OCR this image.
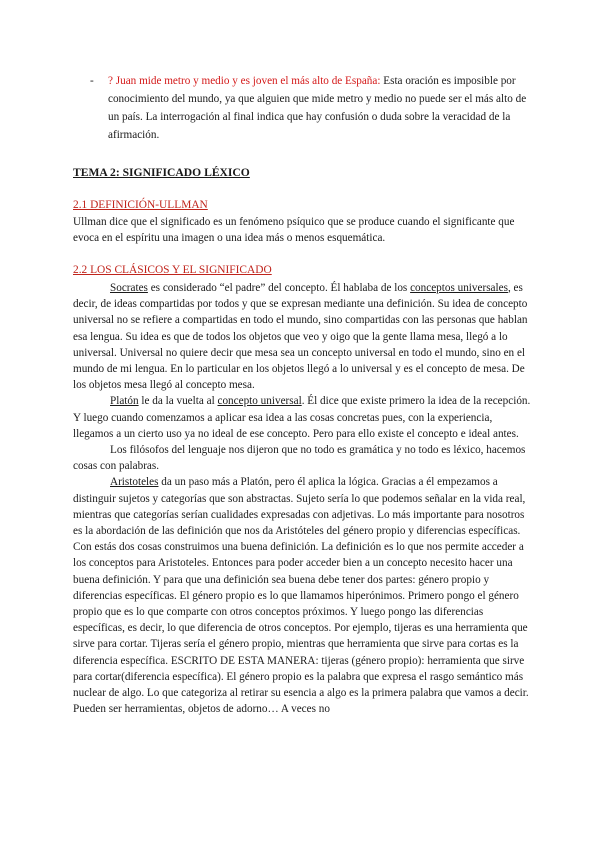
- ? Juan mide metro y medio y es joven el más alto de España: Esta oración es imposible por conocimiento del mundo, ya que alguien que mide metro y medio no puede ser el más alto de un país. La interrogación al final indica que hay confusión o duda sobre la veracidad de la afirmación.
TEMA 2: SIGNIFICADO LÉXICO
2.1 DEFINICIÓN-ULLMAN
Ullman dice que el significado es un fenómeno psíquico que se produce cuando el significante que evoca en el espíritu una imagen o una idea más o menos esquemática.
2.2 LOS CLÁSICOS Y EL SIGNIFICADO
Socrates es considerado “el padre” del concepto. Él hablaba de los conceptos universales, es decir, de ideas compartidas por todos y que se expresan mediante una definición. Su idea de concepto universal no se refiere a compartidas en todo el mundo, sino compartidas con las personas que hablan esa lengua. Su idea es que de todos los objetos que veo y oigo que la gente llama mesa, llegó a lo universal. Universal no quiere decir que mesa sea un concepto universal en todo el mundo, sino en el mundo de mi lengua. En lo particular en los objetos llegó a lo universal y es el concepto de mesa. De los objetos mesa llegó al concepto mesa.
Platón le da la vuelta al concepto universal. Él dice que existe primero la idea de la recepción. Y luego cuando comenzamos a aplicar esa idea a las cosas concretas pues, con la experiencia, llegamos a un cierto uso ya no ideal de ese concepto. Pero para ello existe el concepto e ideal antes.
Los filósofos del lenguaje nos dijeron que no todo es gramática y no todo es léxico, hacemos cosas con palabras.
Aristoteles da un paso más a Platón, pero él aplica la lógica. Gracias a él empezamos a distinguir sujetos y categorías que son abstractas. Sujeto sería lo que podemos señalar en la vida real, mientras que categorías serían cualidades expresadas con adjetivas. Lo más importante para nosotros es la abordación de las definición que nos da Aristóteles del género propio y diferencias específicas. Con estás dos cosas construimos una buena definición. La definición es lo que nos permite acceder a los conceptos para Aristoteles. Entonces para poder acceder bien a un concepto necesito hacer una buena definición. Y para que una definición sea buena debe tener dos partes: género propio y diferencias específicas. El género propio es lo que llamamos hiperónimos. Primero pongo el género propio que es lo que comparte con otros conceptos próximos. Y luego pongo las diferencias específicas, es decir, lo que diferencia de otros conceptos. Por ejemplo, tijeras es una herramienta que sirve para cortar. Tijeras sería el género propio, mientras que herramienta que sirve para cortas es la diferencia específica. ESCRITO DE ESTA MANERA: tijeras (género propio): herramienta que sirve para cortar(diferencia específica). El género propio es la palabra que expresa el rasgo semántico más nuclear de algo. Lo que categoriza al retirar su esencia a algo es la primera palabra que vamos a decir. Pueden ser herramientas, objetos de adorno… A veces no
